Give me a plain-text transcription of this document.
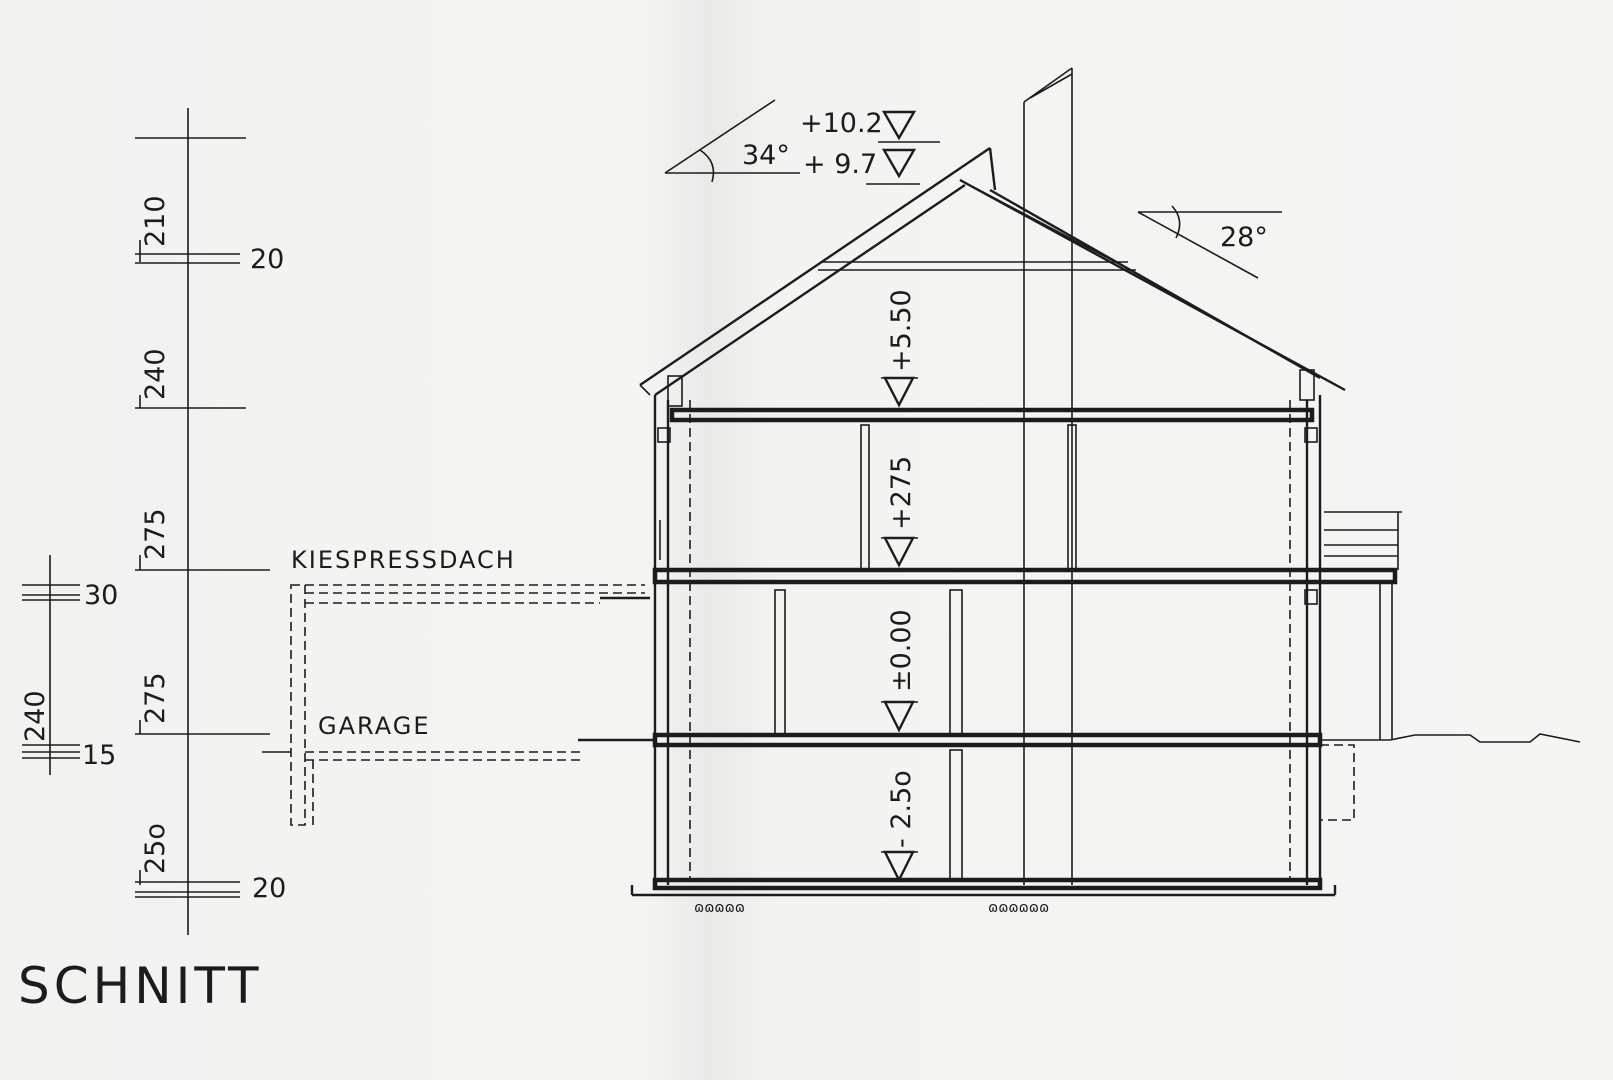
210
20
240
275
275
25o
20
30
240
15
KIESPRESSDACH
GARAGE
ɷɷɷɷɷ	ɷɷɷɷɷɷ
+5.50
+275
±0.00
- 2.5o
+10.2
+ 9.7
34°
28°
SCHNITT
